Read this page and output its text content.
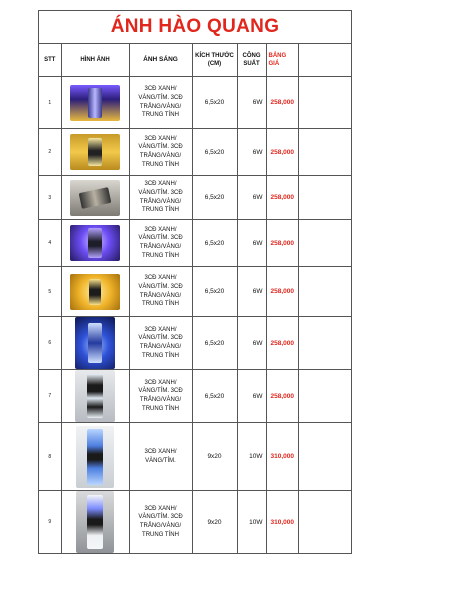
ÁNH HÀO QUANG
STT	HÌNH ẢNH	ÁNH SÁNG	KÍCH THƯỚC (CM)	CÔNG SUẤT	BẢNG GIÁ	
1		3CĐ XANH/ VÀNG/TÍM. 3CĐ TRẮNG/VÀNG/ TRUNG TÍNH	6,5x20	6W	258,000	
2		3CĐ XANH/ VÀNG/TÍM. 3CĐ TRẮNG/VÀNG/ TRUNG TÍNH	6,5x20	6W	258,000	
3		3CĐ XANH/ VÀNG/TÍM. 3CĐ TRẮNG/VÀNG/ TRUNG TÍNH	6,5x20	6W	258,000	
4		3CĐ XANH/ VÀNG/TÍM. 3CĐ TRẮNG/VÀNG/ TRUNG TÍNH	6,5x20	6W	258,000	
5		3CĐ XANH/ VÀNG/TÍM. 3CĐ TRẮNG/VÀNG/ TRUNG TÍNH	6,5x20	6W	258,000	
6		3CĐ XANH/ VÀNG/TÍM. 3CĐ TRẮNG/VÀNG/ TRUNG TÍNH	6,5x20	6W	258,000	
7		3CĐ XANH/ VÀNG/TÍM. 3CĐ TRẮNG/VÀNG/ TRUNG TÍNH	6,5x20	6W	258,000	
8		3CĐ XANH/ VÀNG/TÍM.	9x20	10W	310,000	
9		3CĐ XANH/ VÀNG/TÍM. 3CĐ TRẮNG/VÀNG/ TRUNG TÍNH	9x20	10W	310,000	
